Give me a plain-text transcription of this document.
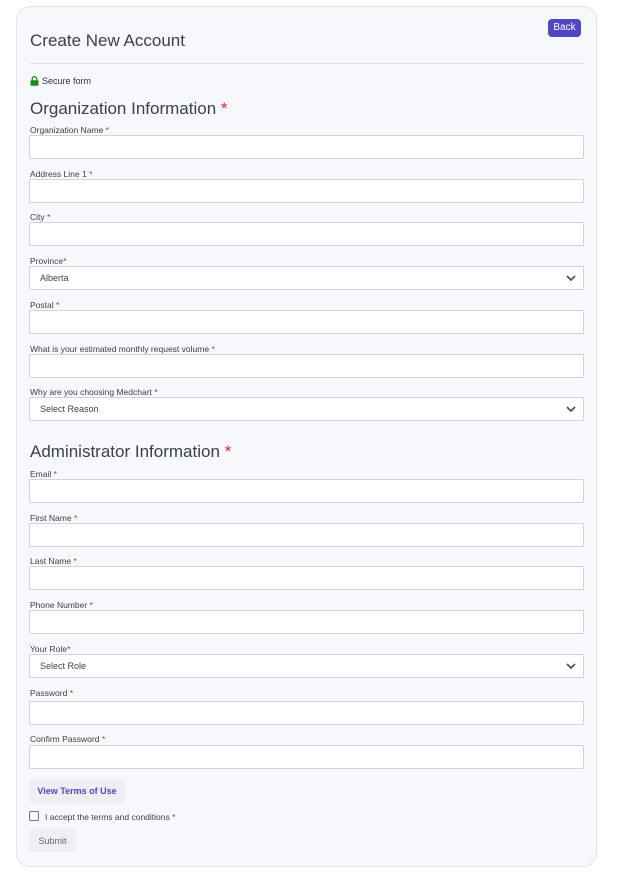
Back
Create New Account
Secure form
Organization Information *
Organization Name *
Address Line 1 *
City *
Province*
Alberta
Postal *
What is your estimated monthly request volume *
Why are you choosing Medchart *
Select Reason
Administrator Information *
Email *
First Name *
Last Name *
Phone Number *
Your Role*
Select Role
Password *
Confirm Password *
View Terms of Use
I accept the terms and conditions *
Submit
